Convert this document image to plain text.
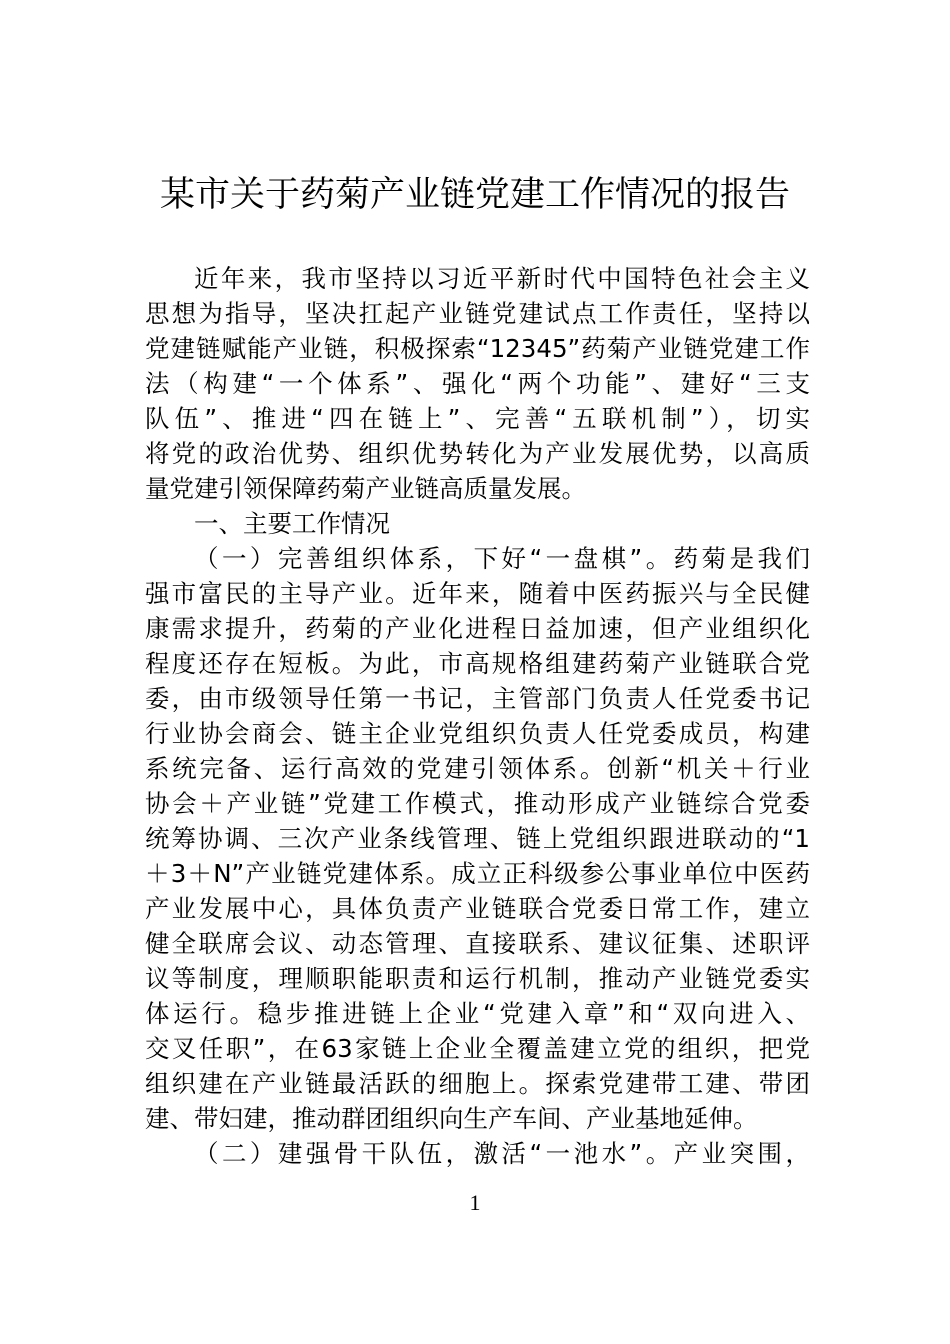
某市关于药菊产业链党建工作情况的报告
近年来，我市坚持以习近平新时代中国特色社会主义
思想为指导，坚决扛起产业链党建试点工作责任，坚持以
党建链赋能产业链，积极探索“12345”药菊产业链党建工作
法（构建“一个体系”、强化“两个功能”、建好“三支
队伍”、推进“四在链上”、完善“五联机制”），切实
将党的政治优势、组织优势转化为产业发展优势，以高质
量党建引领保障药菊产业链高质量发展。
一、主要工作情况
（一）完善组织体系，下好“一盘棋”。药菊是我们
强市富民的主导产业。近年来，随着中医药振兴与全民健
康需求提升，药菊的产业化进程日益加速，但产业组织化
程度还存在短板。为此，市高规格组建药菊产业链联合党
委，由市级领导任第一书记，主管部门负责人任党委书记
行业协会商会、链主企业党组织负责人任党委成员，构建
系统完备、运行高效的党建引领体系。创新“机关＋行业
协会＋产业链”党建工作模式，推动形成产业链综合党委
统筹协调、三次产业条线管理、链上党组织跟进联动的“1
＋3＋N”产业链党建体系。成立正科级参公事业单位中医药
产业发展中心，具体负责产业链联合党委日常工作，建立
健全联席会议、动态管理、直接联系、建议征集、述职评
议等制度，理顺职能职责和运行机制，推动产业链党委实
体运行。稳步推进链上企业“党建入章”和“双向进入、
交叉任职”，在63家链上企业全覆盖建立党的组织，把党
组织建在产业链最活跃的细胞上。探索党建带工建、带团
建、带妇建，推动群团组织向生产车间、产业基地延伸。
（二）建强骨干队伍，激活“一池水”。产业突围，
1
